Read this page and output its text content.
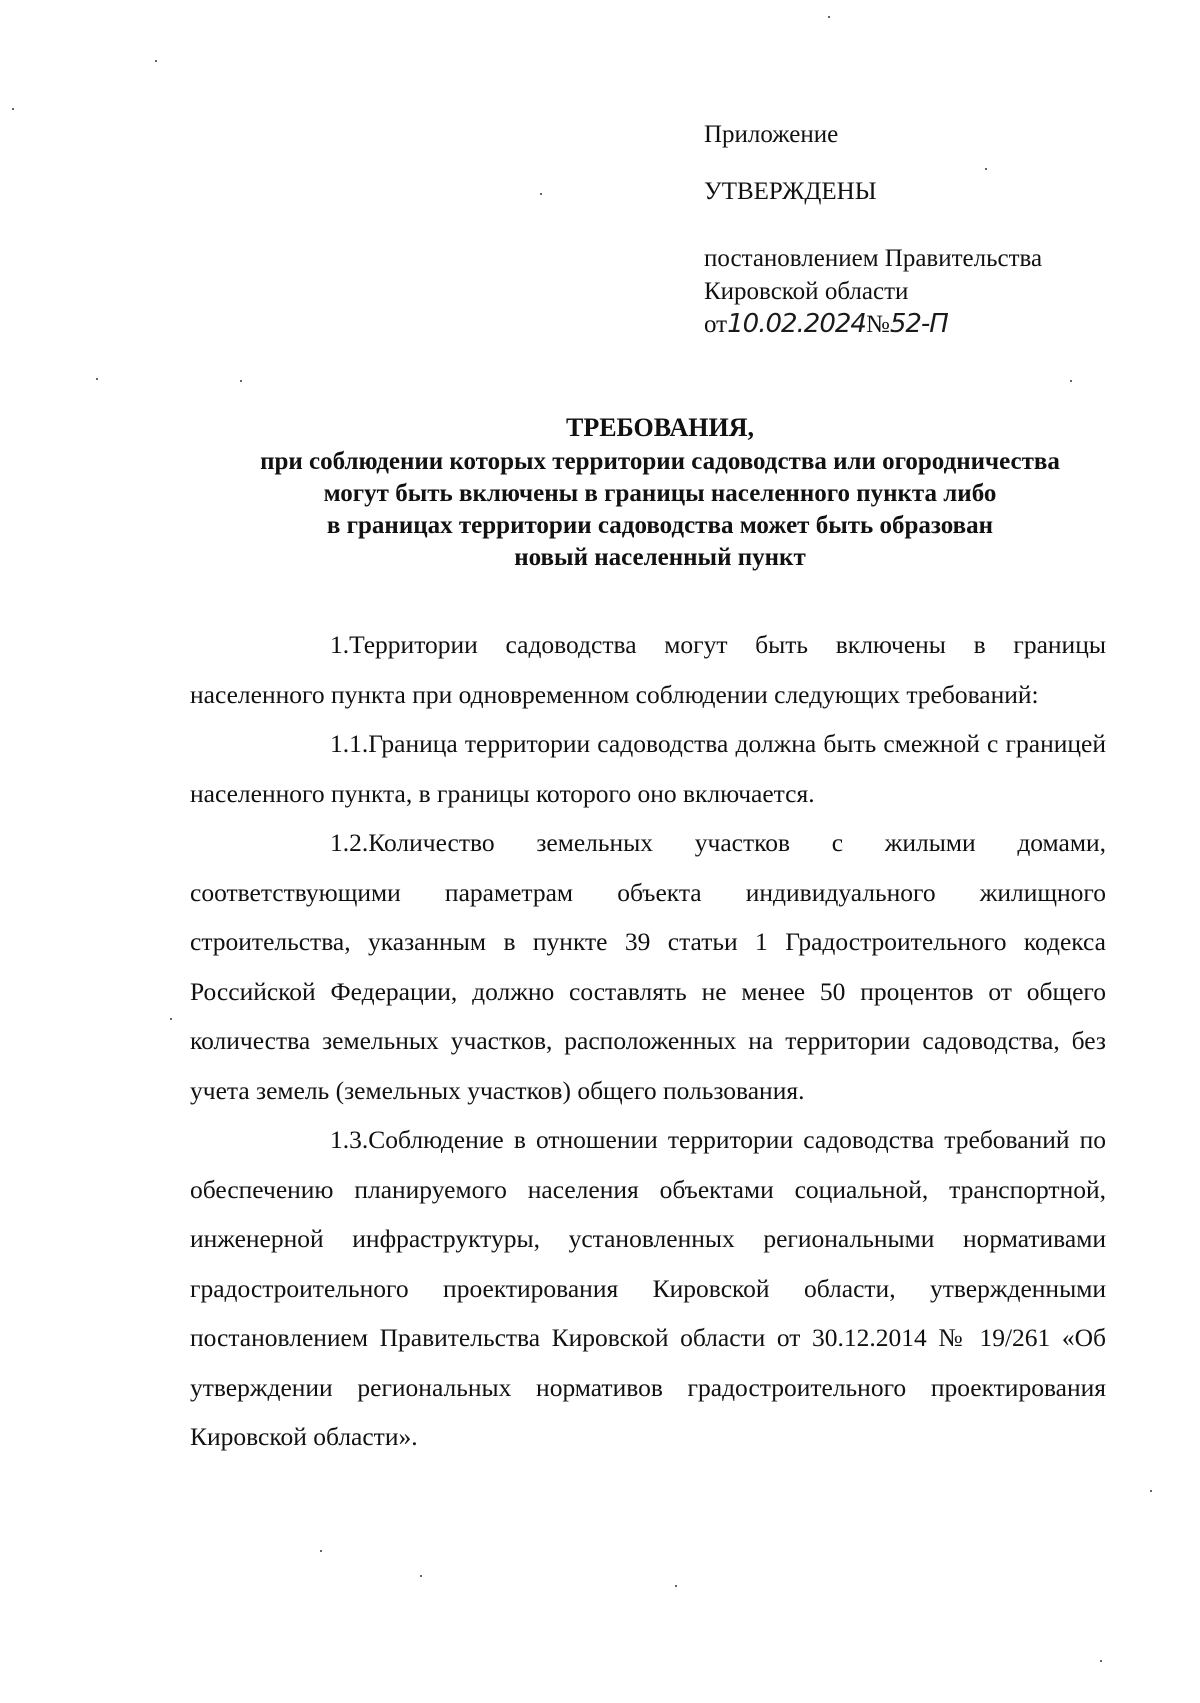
Приложение
УТВЕРЖДЕНЫ
постановлением Правительства
Кировской области
от10.02.2024№52-П
ТРЕБОВАНИЯ,
при соблюдении которых территории садоводства или огородничества
могут быть включены в границы населенного пункта либо
в границах территории садоводства может быть образован
новый населенный пункт

1.Территории садоводства могут быть включены в границы населенного пункта при одновременном соблюдении следующих требований:

1.1.Граница территории садоводства должна быть смежной с границей населенного пункта, в границы которого оно включается.

1.2.Количество земельных участков с жилыми домами, соответствующими параметрам объекта индивидуального жилищного строительства, указанным в пункте 39 статьи 1 Градостроительного кодекса Российской Федерации, должно составлять не менее 50 процентов от общего количества земельных участков, расположенных на территории садоводства, без учета земель (земельных участков) общего пользования.

1.3.Соблюдение в отношении территории садоводства требований по обеспечению планируемого населения объектами социальной, транспортной, инженерной инфраструктуры, установленных региональными нормативами градостроительного проектирования Кировской области, утвержденными постановлением Правительства Кировской области от 30.12.2014 № 19/261 «Об утверждении региональных нормативов градостроительного проектирования Кировской области».
